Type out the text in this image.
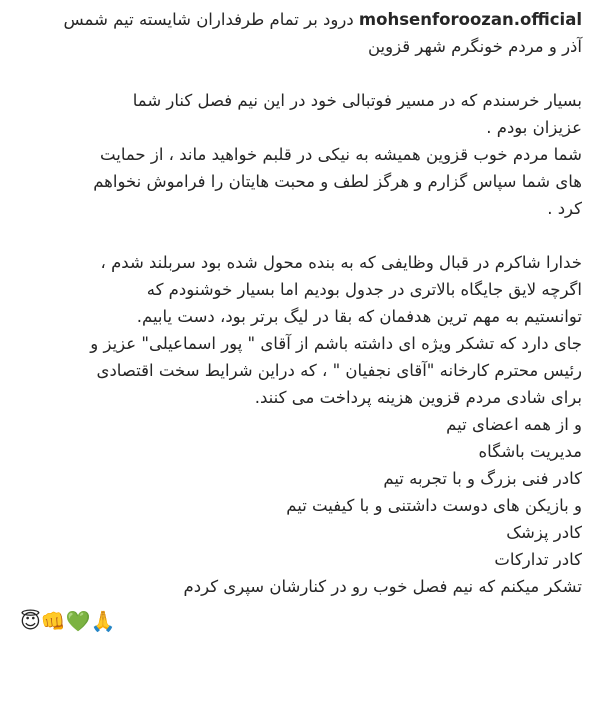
mohsenforoozan.official درود بر تمام طرفداران شایسته تیم شمس
آذر و مردم خونگرم شهر قزوین
بسیار خرسندم که در مسیر فوتبالی خود در این نیم فصل کنار شما
عزیزان بودم .
شما مردم خوب قزوین همیشه به نیکی در قلبم خواهید ماند ، از حمایت
های شما سپاس گزارم و هرگز لطف و محبت هایتان را فراموش نخواهم
کرد .
خدارا شاکرم در قبال وظایفی که به بنده محول شده بود سربلند شدم ،
اگرچه لایق جایگاه بالاتری در جدول بودیم اما بسیار خوشنودم که
توانستیم به مهم ترین هدفمان که بقا در لیگ برتر بود، دست یابیم.
جای دارد که تشکر ویژه ای داشته باشم از آقای " پور اسماعیلی" عزیز و
رئیس محترم کارخانه "آقای نجفیان " ، که دراین شرایط سخت اقتصادی
برای شادی مردم قزوین هزینه پرداخت می کنند.
و از همه اعضای تیم
مدیریت باشگاه
کادر فنی بزرگ و با تجربه تیم
و بازیکن های دوست داشتنی و با کیفیت تیم
کادر پزشک
کادر تدارکات
تشکر میکنم که نیم فصل خوب رو در کنارشان سپری کردم
🙏💚👊😇
